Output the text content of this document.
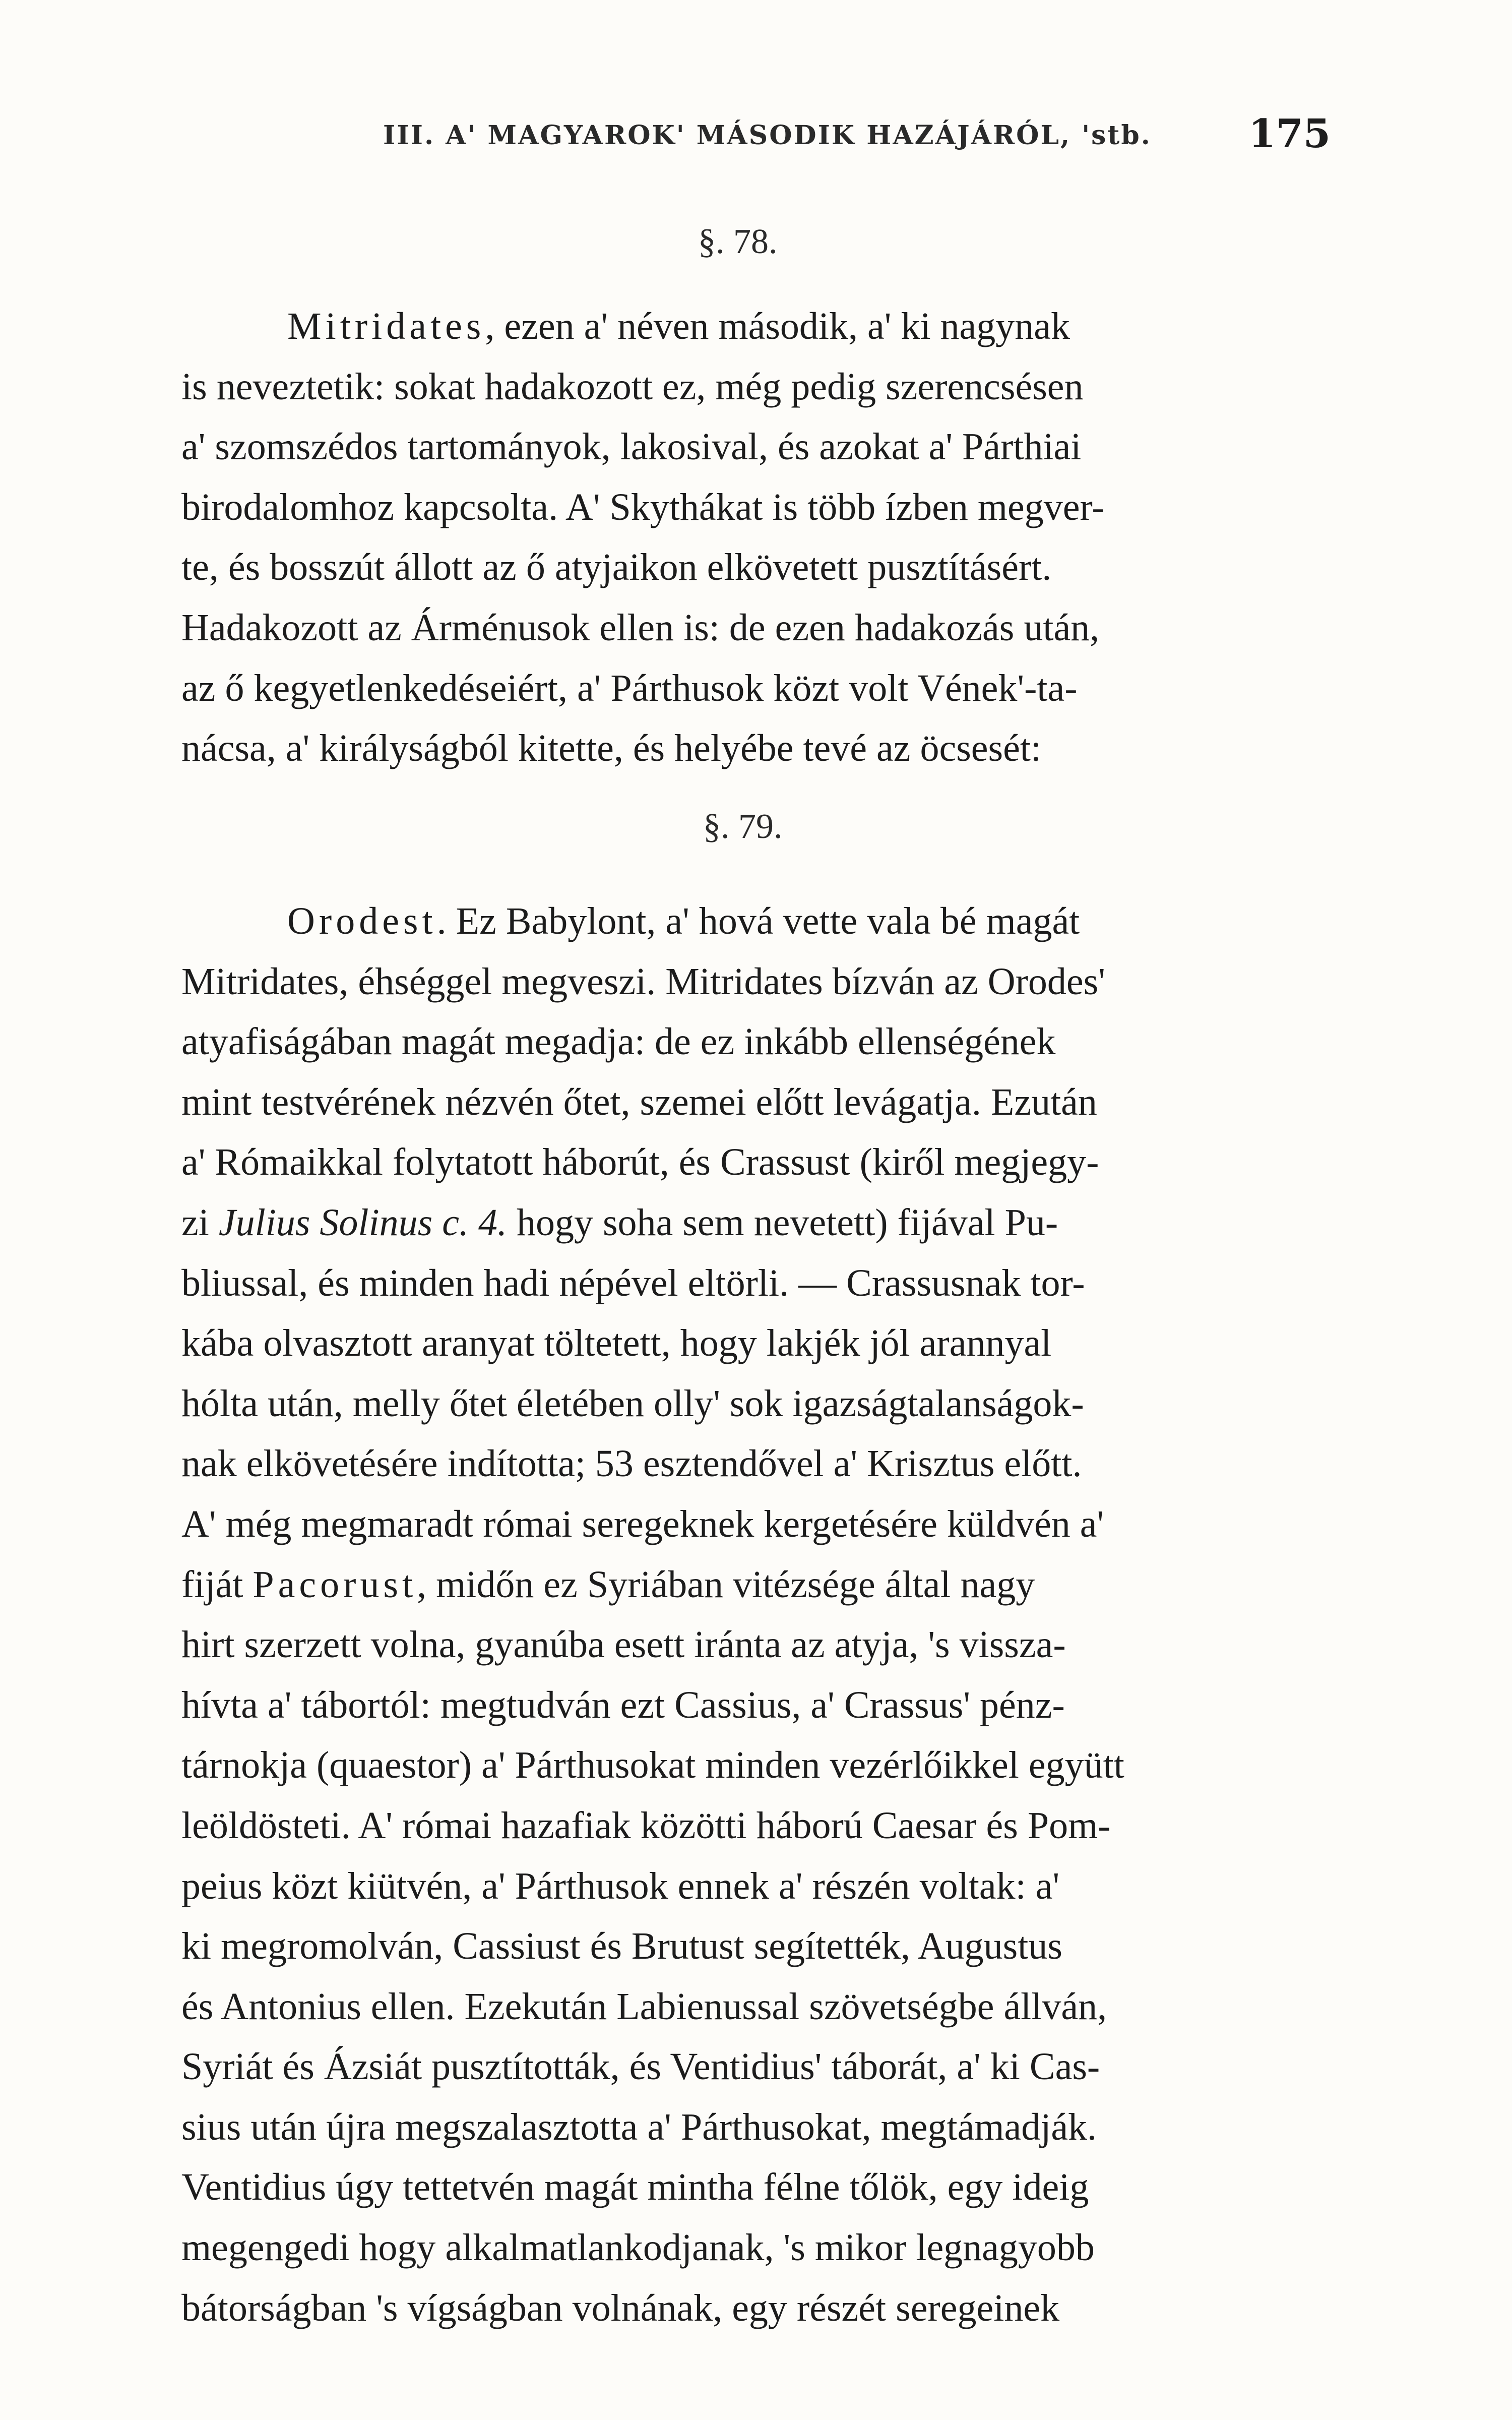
III. A' MAGYAROK' MÁSODIK HAZÁJÁRÓL, 'stb. 175
§. 78.
Mitridates, ezen a' néven második, a' ki nagynak
is neveztetik: sokat hadakozott ez, még pedig szerencsésen
a' szomszédos tartományok, lakosival, és azokat a' Párthiai
birodalomhoz kapcsolta. A' Skythákat is több ízben megver-
te, és bosszút állott az ő atyjaikon elkövetett pusztításért.
Hadakozott az Árménusok ellen is: de ezen hadakozás után,
az ő kegyetlenkedéseiért, a' Párthusok közt volt Vének'-ta-
nácsa, a' királyságból kitette, és helyébe tevé az öcsesét:
§. 79.
Orodest. Ez Babylont, a' hová vette vala bé magát
Mitridates, éhséggel megveszi. Mitridates bízván az Orodes'
atyafiságában magát megadja: de ez inkább ellenségének
mint testvérének nézvén őtet, szemei előtt levágatja. Ezután
a' Rómaikkal folytatott háborút, és Crassust (kiről megjegy-
zi Julius Solinus c. 4. hogy soha sem nevetett) fijával Pu-
bliussal, és minden hadi népével eltörli. — Crassusnak tor-
kába olvasztott aranyat töltetett, hogy lakjék jól arannyal
hólta után, melly őtet életében olly' sok igazságtalanságok-
nak elkövetésére indította; 53 esztendővel a' Krisztus előtt.
A' még megmaradt római seregeknek kergetésére küldvén a'
fiját Pacorust, midőn ez Syriában vitézsége által nagy
hirt szerzett volna, gyanúba esett iránta az atyja, 's vissza-
hívta a' tábortól: megtudván ezt Cassius, a' Crassus' pénz-
tárnokja (quaestor) a' Párthusokat minden vezérlőikkel együtt
leöldösteti. A' római hazafiak közötti háború Caesar és Pom-
peius közt kiütvén, a' Párthusok ennek a' részén voltak: a'
ki megromolván, Cassiust és Brutust segítették, Augustus
és Antonius ellen. Ezekután Labienussal szövetségbe állván,
Syriát és Ázsiát pusztították, és Ventidius' táborát, a' ki Cas-
sius után újra megszalasztotta a' Párthusokat, megtámadják.
Ventidius úgy tettetvén magát mintha félne tőlök, egy ideig
megengedi hogy alkalmatlankodjanak, 's mikor legnagyobb
bátorságban 's vígságban volnának, egy részét seregeinek
